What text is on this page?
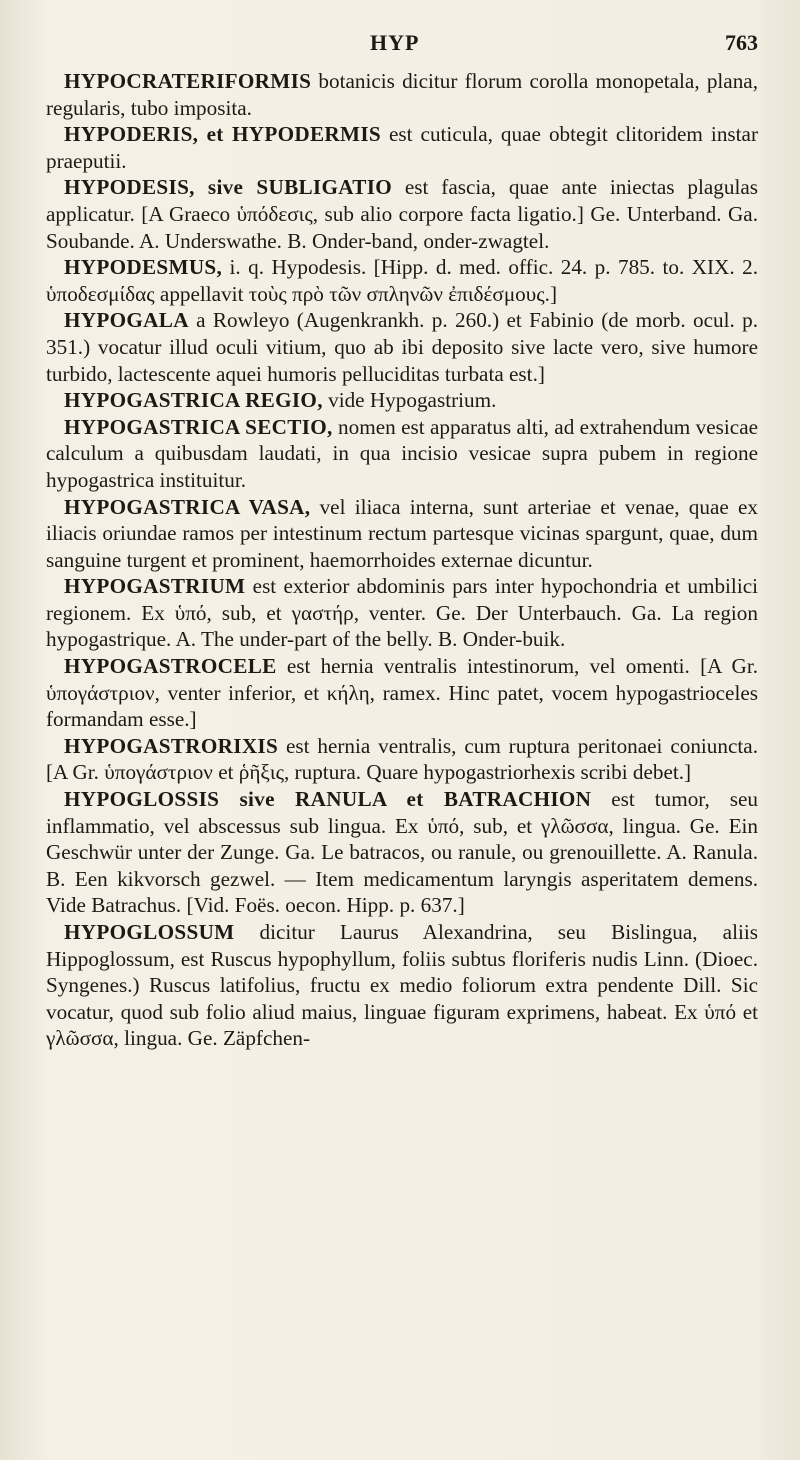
HYP	763

HYPOCRATERIFORMIS botanicis dicitur florum corolla monopetala, plana, regularis, tubo imposita.

HYPODERIS, et HYPODERMIS est cuticula, quae obtegit clitoridem instar praeputii.

HYPODESIS, sive SUBLIGATIO est fascia, quae ante iniectas plagulas applicatur. [A Graeco ὑπόδεσις, sub alio corpore facta ligatio.] Ge. Unterband. Ga. Soubande. A. Underswathe. B. Onder-band, onder-zwagtel.

HYPODESMUS, i. q. Hypodesis. [Hipp. d. med. offic. 24. p. 785. to. XIX. 2. ὑποδεσμίδας appellavit τοὺς πρὸ τῶν σπληνῶν ἐπιδέσμους.]

HYPOGALA a Rowleyo (Augenkrankh. p. 260.) et Fabinio (de morb. ocul. p. 351.) vocatur illud oculi vitium, quo ab ibi deposito sive lacte vero, sive humore turbido, lactescente aquei humoris pelluciditas turbata est.]

HYPOGASTRICA REGIO, vide Hypogastrium.

HYPOGASTRICA SECTIO, nomen est apparatus alti, ad extrahendum vesicae calculum a quibusdam laudati, in qua incisio vesicae supra pubem in regione hypogastrica instituitur.

HYPOGASTRICA VASA, vel iliaca interna, sunt arteriae et venae, quae ex iliacis oriundae ramos per intestinum rectum partesque vicinas spargunt, quae, dum sanguine turgent et prominent, haemorrhoides externae dicuntur.

HYPOGASTRIUM est exterior abdominis pars inter hypochondria et umbilici regionem. Ex ὑπό, sub, et γαστήρ, venter. Ge. Der Unterbauch. Ga. La region hypogastrique. A. The under-part of the belly. B. Onder-buik.

HYPOGASTROCELE est hernia ventralis intestinorum, vel omenti. [A Gr. ὑπογάστριον, venter inferior, et κήλη, ramex. Hinc patet, vocem hypogastrioceles formandam esse.]

HYPOGASTRORIXIS est hernia ventralis, cum ruptura peritonaei coniuncta. [A Gr. ὑπογάστριον et ῥῆξις, ruptura. Quare hypogastriorhexis scribi debet.]

HYPOGLOSSIS sive RANULA et BATRACHION est tumor, seu inflammatio, vel abscessus sub lingua. Ex ὑπό, sub, et γλῶσσα, lingua. Ge. Ein Geschwür unter der Zunge. Ga. Le batracos, ou ranule, ou grenouillette. A. Ranula. B. Een kikvorsch gezwel. — Item medicamentum laryngis asperitatem demens. Vide Batrachus. [Vid. Foës. oecon. Hipp. p. 637.]

HYPOGLOSSUM dicitur Laurus Alexandrina, seu Bislingua, aliis Hippoglossum, est Ruscus hypophyllum, foliis subtus floriferis nudis Linn. (Dioec. Syngenes.) Ruscus latifolius, fructu ex medio foliorum extra pendente Dill. Sic vocatur, quod sub folio aliud maius, linguae figuram exprimens, habeat. Ex ὑπό et γλῶσσα, lingua. Ge. Zäpfchen-
